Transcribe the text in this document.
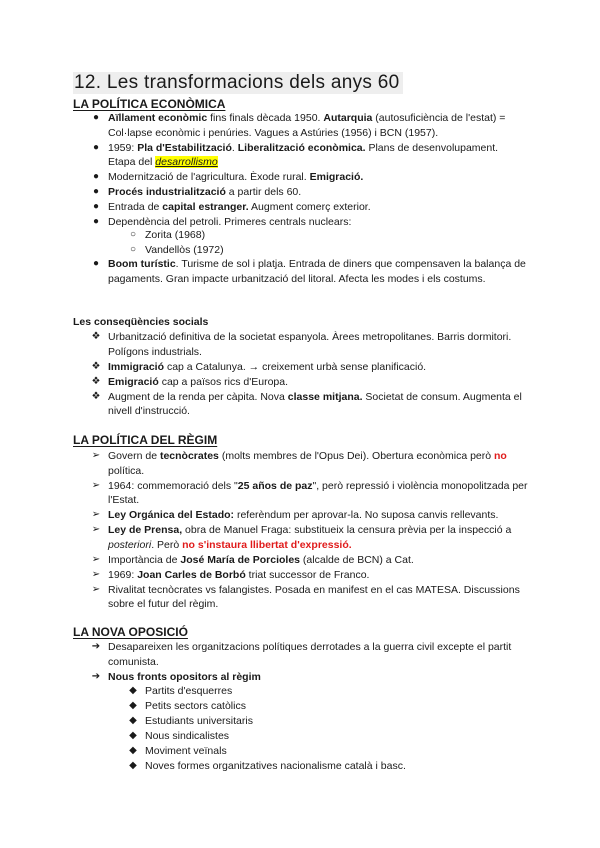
12. Les transformacions dels anys 60
LA POLÍTICA ECONÒMICA
● Aïllament econòmic fins finals dècada 1950. Autarquia (autosuficiència de l'estat) = Col·lapse econòmic i penúries. Vagues a Astúries (1956) i BCN (1957).
● 1959: Pla d'Estabilització. Liberalització econòmica. Plans de desenvolupament. Etapa del desarrollismo
● Modernització de l'agricultura. Èxode rural. Emigració.
● Procés industrialització a partir dels 60.
● Entrada de capital estranger. Augment comerç exterior.
● Dependència del petroli. Primeres centrals nuclears:
○ Zorita (1968)
○ Vandellòs (1972)
● Boom turístic. Turisme de sol i platja. Entrada de diners que compensaven la balança de pagaments. Gran impacte urbanització del litoral. Afecta les modes i els costums.
Les conseqüències socials
❖ Urbanització definitiva de la societat espanyola. Àrees metropolitanes. Barris dormitori. Polígons industrials.
❖ Immigració cap a Catalunya. → creixement urbà sense planificació.
❖ Emigració cap a països rics d'Europa.
❖ Augment de la renda per càpita. Nova classe mitjana. Societat de consum. Augmenta el nivell d'instrucció.
LA POLÍTICA DEL RÈGIM
➢ Govern de tecnòcrates (molts membres de l'Opus Dei). Obertura econòmica però no política.
➢ 1964: commemoració dels "25 años de paz", però repressió i violència monopolitzada per l'Estat.
➢ Ley Orgánica del Estado: referèndum per aprovar-la. No suposa canvis rellevants.
➢ Ley de Prensa, obra de Manuel Fraga: substitueix la censura prèvia per la inspecció a posteriori. Però no s'instaura llibertat d'expressió.
➢ Importància de José María de Porcioles (alcalde de BCN) a Cat.
➢ 1969: Joan Carles de Borbó triat successor de Franco.
➢ Rivalitat tecnòcrates vs falangistes. Posada en manifest en el cas MATESA. Discussions sobre el futur del règim.
LA NOVA OPOSICIÓ
➔ Desapareixen les organitzacions polítiques derrotades a la guerra civil excepte el partit comunista.
➔ Nous fronts opositors al règim
◆ Partits d'esquerres
◆ Petits sectors catòlics
◆ Estudiants universitaris
◆ Nous sindicalistes
◆ Moviment veïnals
◆ Noves formes organitzatives nacionalisme català i basc.
